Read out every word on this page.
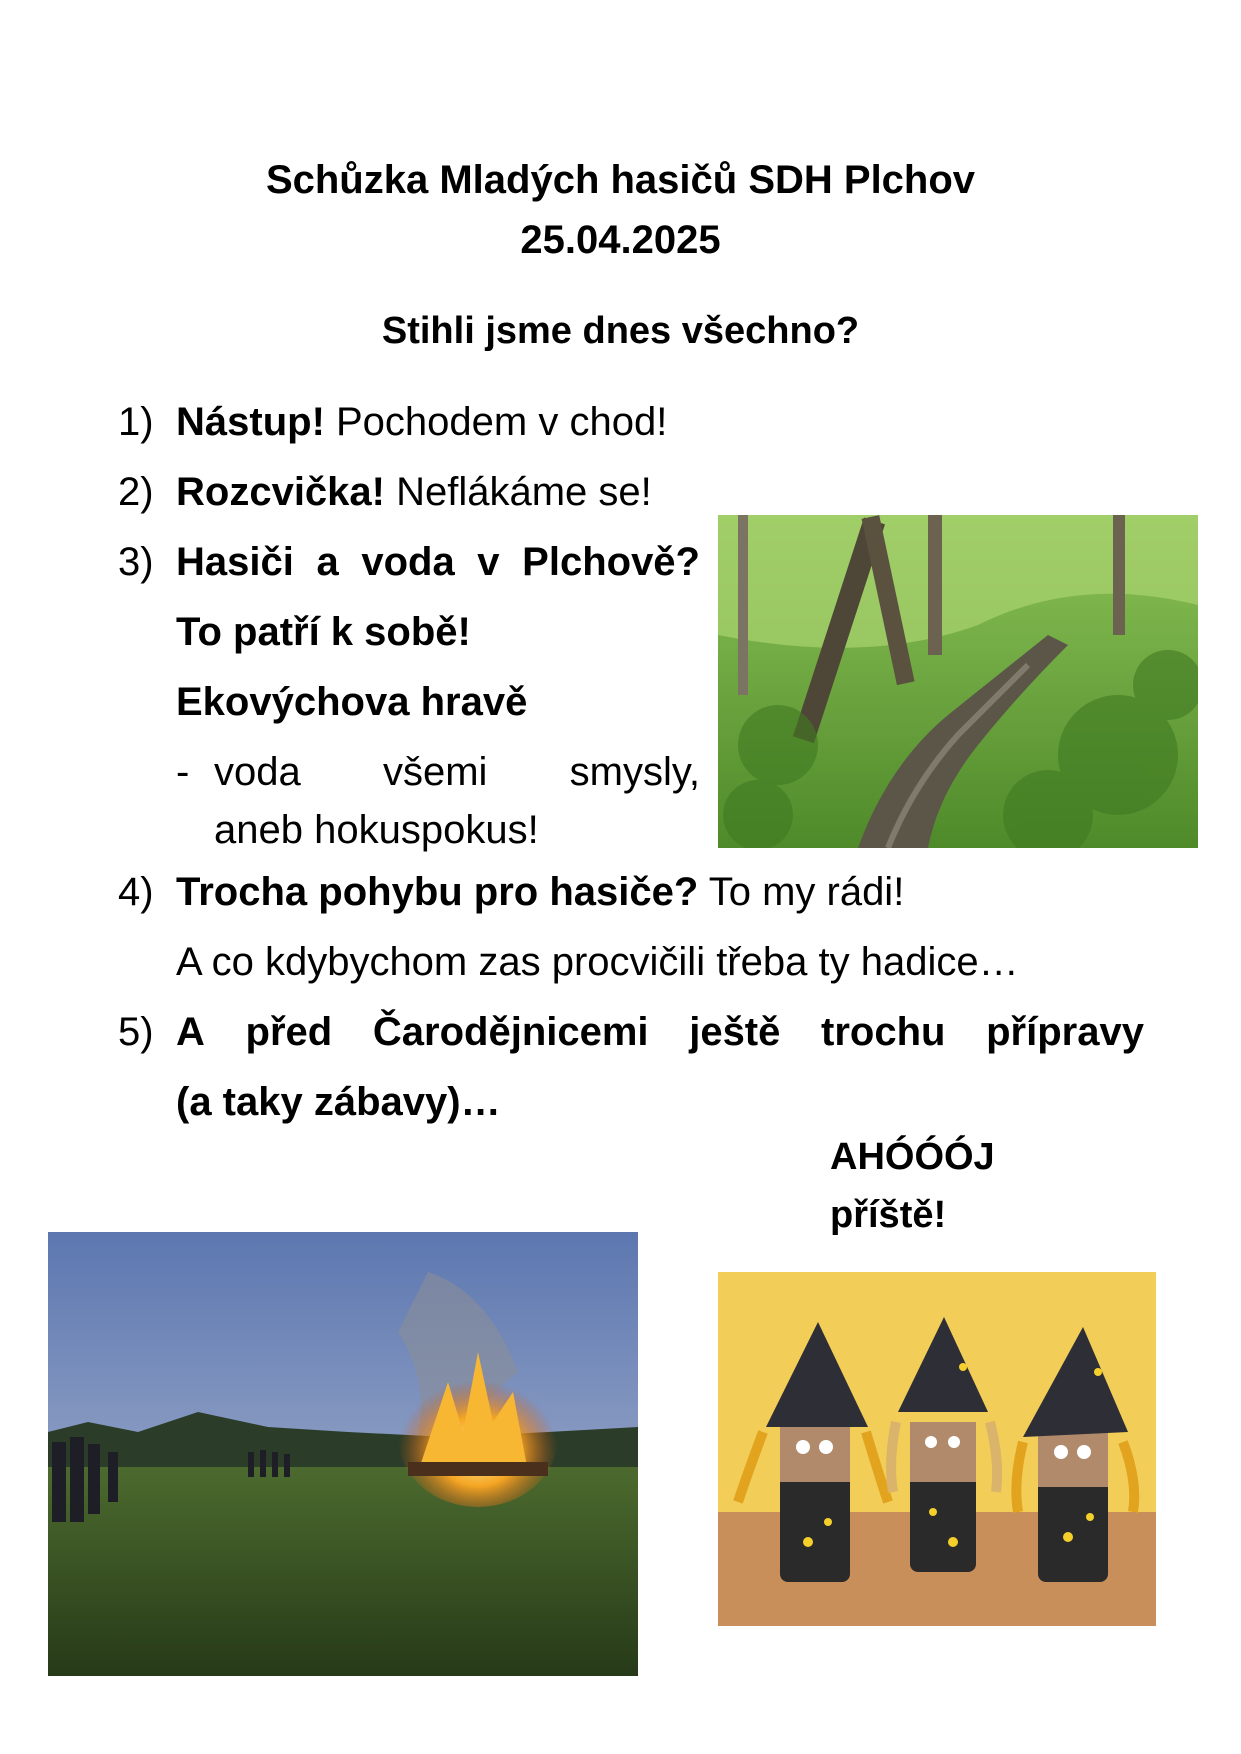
Schůzka Mladých hasičů SDH Plchov
25.04.2025
Stihli jsme dnes všechno?
1) Nástup! Pochodem v chod!
2) Rozcvička! Neflákáme se!
3) Hasiči a voda v Plchově?
To patří k sobě!
Ekovýchova hravě
- voda všemi smysly,
aneb hokuspokus!
4) Trocha pohybu pro hasiče? To my rádi!
A co kdybychom zas procvičili třeba ty hadice…
5) A před Čarodějnicemi ještě trochu přípravy
(a taky zábavy)…
AHÓÓÓJ
příště!
